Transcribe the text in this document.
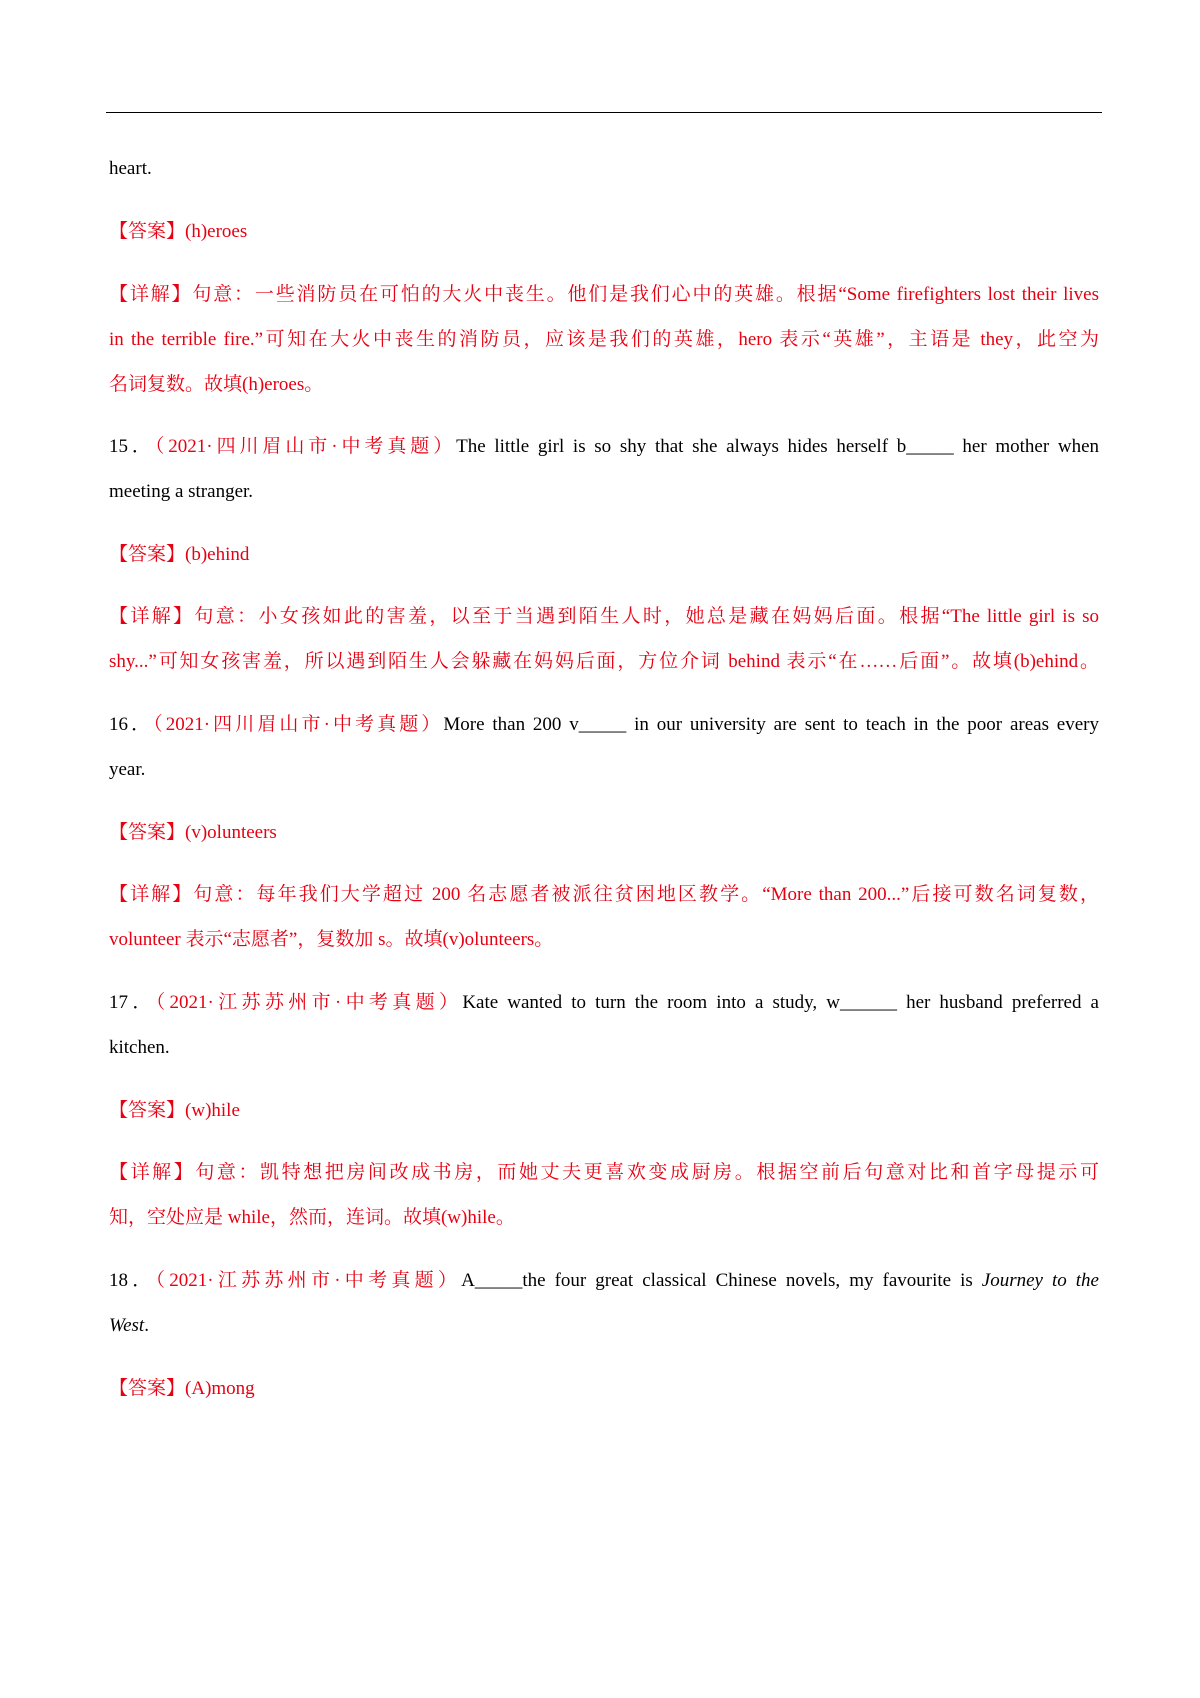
heart.
【答案】(h)eroes
【详解】句意：一些消防员在可怕的大火中丧生。他们是我们心中的英雄。根据“Some firefighters lost their lives
in the terrible fire.”可知在大火中丧生的消防员，应该是我们的英雄，hero 表示“英雄”，主语是 they，此空为
名词复数。故填(h)eroes。
15．（2021·四川眉山市·中考真题）The little girl is so shy that she always hides herself b_____ her mother when
meeting a stranger.
【答案】(b)ehind
【详解】句意：小女孩如此的害羞，以至于当遇到陌生人时，她总是藏在妈妈后面。根据“The little girl is so
shy...”可知女孩害羞，所以遇到陌生人会躲藏在妈妈后面，方位介词 behind 表示“在……后面”。故填(b)ehind。
16．（2021·四川眉山市·中考真题）More than 200 v_____ in our university are sent to teach in the poor areas every
year.
【答案】(v)olunteers
【详解】句意：每年我们大学超过 200 名志愿者被派往贫困地区教学。“More than 200...”后接可数名词复数，
volunteer 表示“志愿者”，复数加 s。故填(v)olunteers。
17．（2021·江苏苏州市·中考真题）Kate wanted to turn the room into a study, w______ her husband preferred a
kitchen.
【答案】(w)hile
【详解】句意：凯特想把房间改成书房，而她丈夫更喜欢变成厨房。根据空前后句意对比和首字母提示可
知，空处应是 while，然而，连词。故填(w)hile。
18．（2021·江苏苏州市·中考真题）A_____the four great classical Chinese novels, my favourite is Journey to the
West.
【答案】(A)mong
